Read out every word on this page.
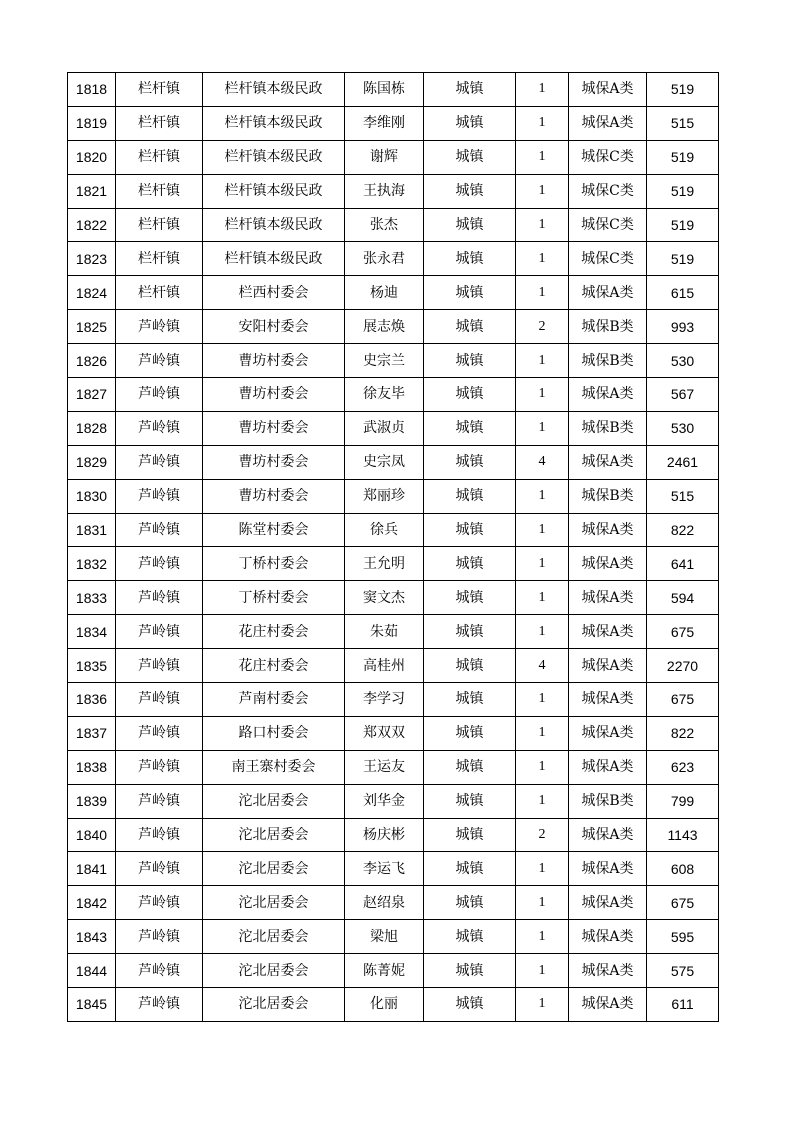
1818	栏杆镇	栏杆镇本级民政	陈国栋	城镇	1	城保A类	519
1819	栏杆镇	栏杆镇本级民政	李维刚	城镇	1	城保A类	515
1820	栏杆镇	栏杆镇本级民政	谢辉	城镇	1	城保C类	519
1821	栏杆镇	栏杆镇本级民政	王执海	城镇	1	城保C类	519
1822	栏杆镇	栏杆镇本级民政	张杰	城镇	1	城保C类	519
1823	栏杆镇	栏杆镇本级民政	张永君	城镇	1	城保C类	519
1824	栏杆镇	栏西村委会	杨迪	城镇	1	城保A类	615
1825	芦岭镇	安阳村委会	展志焕	城镇	2	城保B类	993
1826	芦岭镇	曹坊村委会	史宗兰	城镇	1	城保B类	530
1827	芦岭镇	曹坊村委会	徐友毕	城镇	1	城保A类	567
1828	芦岭镇	曹坊村委会	武淑贞	城镇	1	城保B类	530
1829	芦岭镇	曹坊村委会	史宗凤	城镇	4	城保A类	2461
1830	芦岭镇	曹坊村委会	郑丽珍	城镇	1	城保B类	515
1831	芦岭镇	陈堂村委会	徐兵	城镇	1	城保A类	822
1832	芦岭镇	丁桥村委会	王允明	城镇	1	城保A类	641
1833	芦岭镇	丁桥村委会	窦文杰	城镇	1	城保A类	594
1834	芦岭镇	花庄村委会	朱茹	城镇	1	城保A类	675
1835	芦岭镇	花庄村委会	高桂州	城镇	4	城保A类	2270
1836	芦岭镇	芦南村委会	李学习	城镇	1	城保A类	675
1837	芦岭镇	路口村委会	郑双双	城镇	1	城保A类	822
1838	芦岭镇	南王寨村委会	王运友	城镇	1	城保A类	623
1839	芦岭镇	沱北居委会	刘华金	城镇	1	城保B类	799
1840	芦岭镇	沱北居委会	杨庆彬	城镇	2	城保A类	1143
1841	芦岭镇	沱北居委会	李运飞	城镇	1	城保A类	608
1842	芦岭镇	沱北居委会	赵绍泉	城镇	1	城保A类	675
1843	芦岭镇	沱北居委会	梁旭	城镇	1	城保A类	595
1844	芦岭镇	沱北居委会	陈菁妮	城镇	1	城保A类	575
1845	芦岭镇	沱北居委会	化丽	城镇	1	城保A类	611
